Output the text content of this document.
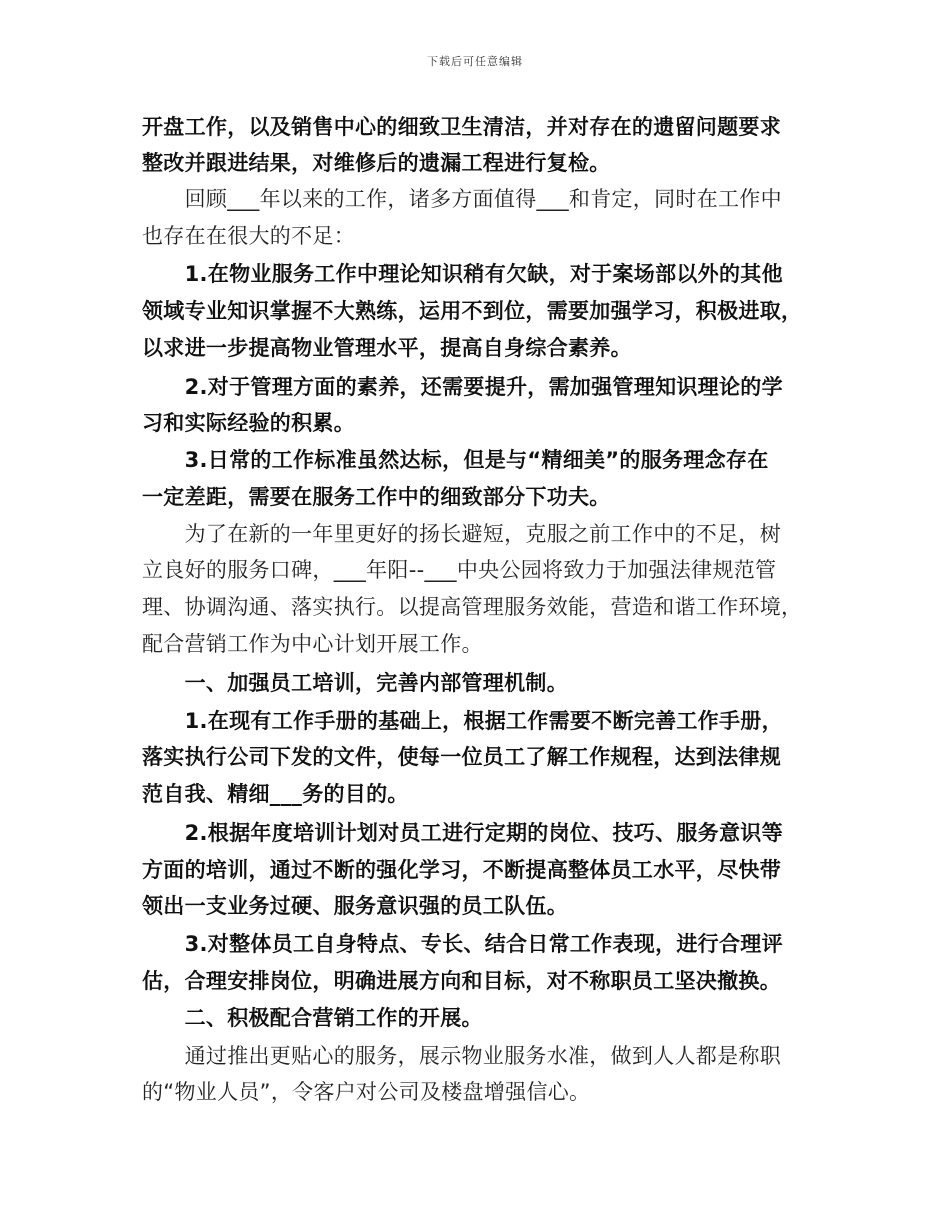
下载后可任意编辑
开盘工作，以及销售中心的细致卫生清洁，并对存在的遗留问题要求
整改并跟进结果，对维修后的遗漏工程进行复检。
　　回顾___年以来的工作，诸多方面值得___和肯定，同时在工作中
也存在在很大的不足：
　　1.在物业服务工作中理论知识稍有欠缺，对于案场部以外的其他
领域专业知识掌握不大熟练，运用不到位，需要加强学习，积极进取，
以求进一步提高物业管理水平，提高自身综合素养。
　　2.对于管理方面的素养，还需要提升，需加强管理知识理论的学
习和实际经验的积累。
　　3.日常的工作标准虽然达标，但是与“精细美”的服务理念存在
一定差距，需要在服务工作中的细致部分下功夫。
　　为了在新的一年里更好的扬长避短，克服之前工作中的不足，树
立良好的服务口碑，___年阳--___中央公园将致力于加强法律规范管
理、协调沟通、落实执行。以提高管理服务效能，营造和谐工作环境，
配合营销工作为中心计划开展工作。
　　一、加强员工培训，完善内部管理机制。
　　1.在现有工作手册的基础上，根据工作需要不断完善工作手册，
落实执行公司下发的文件，使每一位员工了解工作规程，达到法律规
范自我、精细___务的目的。
　　2.根据年度培训计划对员工进行定期的岗位、技巧、服务意识等
方面的培训，通过不断的强化学习，不断提高整体员工水平，尽快带
领出一支业务过硬、服务意识强的员工队伍。
　　3.对整体员工自身特点、专长、结合日常工作表现，进行合理评
估，合理安排岗位，明确进展方向和目标，对不称职员工坚决撤换。
　　二、积极配合营销工作的开展。
　　通过推出更贴心的服务，展示物业服务水准，做到人人都是称职
的“物业人员”，令客户对公司及楼盘增强信心。
